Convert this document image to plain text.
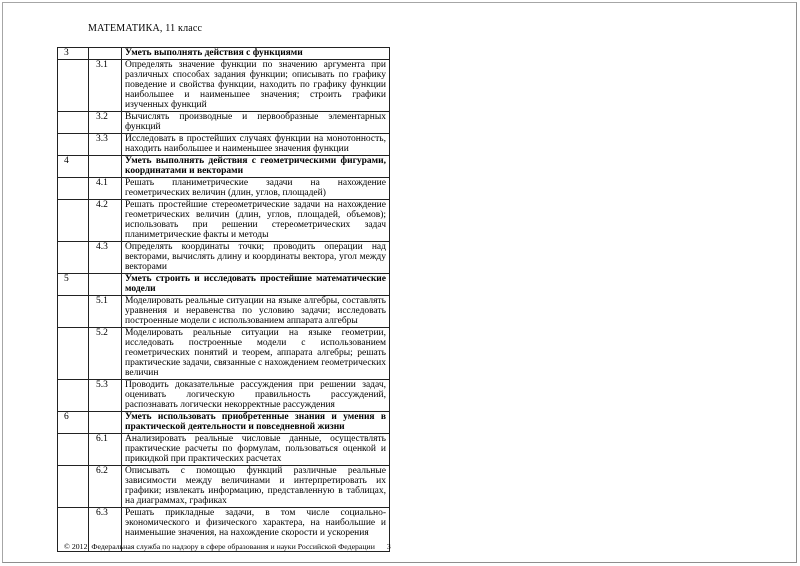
МАТЕМАТИКА, 11 класс
3		Уметь выполнять действия с функциями
	3.1	Определять значение функции по значению аргумента при различных способах задания функции; описывать по графику поведение и свойства функции, находить по графику функции наибольшее и наименьшее значения; строить графики изученных функций
	3.2	Вычислять производные и первообразные элементарных функций
	3.3	Исследовать в простейших случаях функции на монотонность, находить наибольшее и наименьшее значения функции
4		Уметь выполнять действия с геометрическими фигурами, координатами и векторами
	4.1	Решать планиметрические задачи на нахождение геометрических величин (длин, углов, площадей)
	4.2	Решать простейшие стереометрические задачи на нахождение геометрических величин (длин, углов, площадей, объемов); использовать при решении стереометрических задач планиметрические факты и методы
	4.3	Определять координаты точки; проводить операции над векторами, вычислять длину и координаты вектора, угол между векторами
5		Уметь строить и исследовать простейшие математические модели
	5.1	Моделировать реальные ситуации на языке алгебры, составлять уравнения и неравенства по условию задачи; исследовать построенные модели с использованием аппарата алгебры
	5.2	Моделировать реальные ситуации на языке геометрии, исследовать построенные модели с использованием геометрических понятий и теорем, аппарата алгебры; решать практические задачи, связанные с нахождением геометрических величин
	5.3	Проводить доказательные рассуждения при решении задач, оценивать логическую правильность рассуждений, распознавать логически некорректные рассуждения
6		Уметь использовать приобретенные знания и умения в практической деятельности и повседневной жизни
	6.1	Анализировать реальные числовые данные, осуществлять практические расчеты по формулам, пользоваться оценкой и прикидкой при практических расчетах
	6.2	Описывать с помощью функций различные реальные зависимости между величинами и интерпретировать их графики; извлекать информацию, представленную в таблицах, на диаграммах, графиках
	6.3	Решать прикладные задачи, в том числе социально-экономического и физического характера, на наибольшие и наименьшие значения, на нахождение скорости и ускорения
© 2012  Федеральная служба по надзору в сфере образования и науки Российской Федерации 3
